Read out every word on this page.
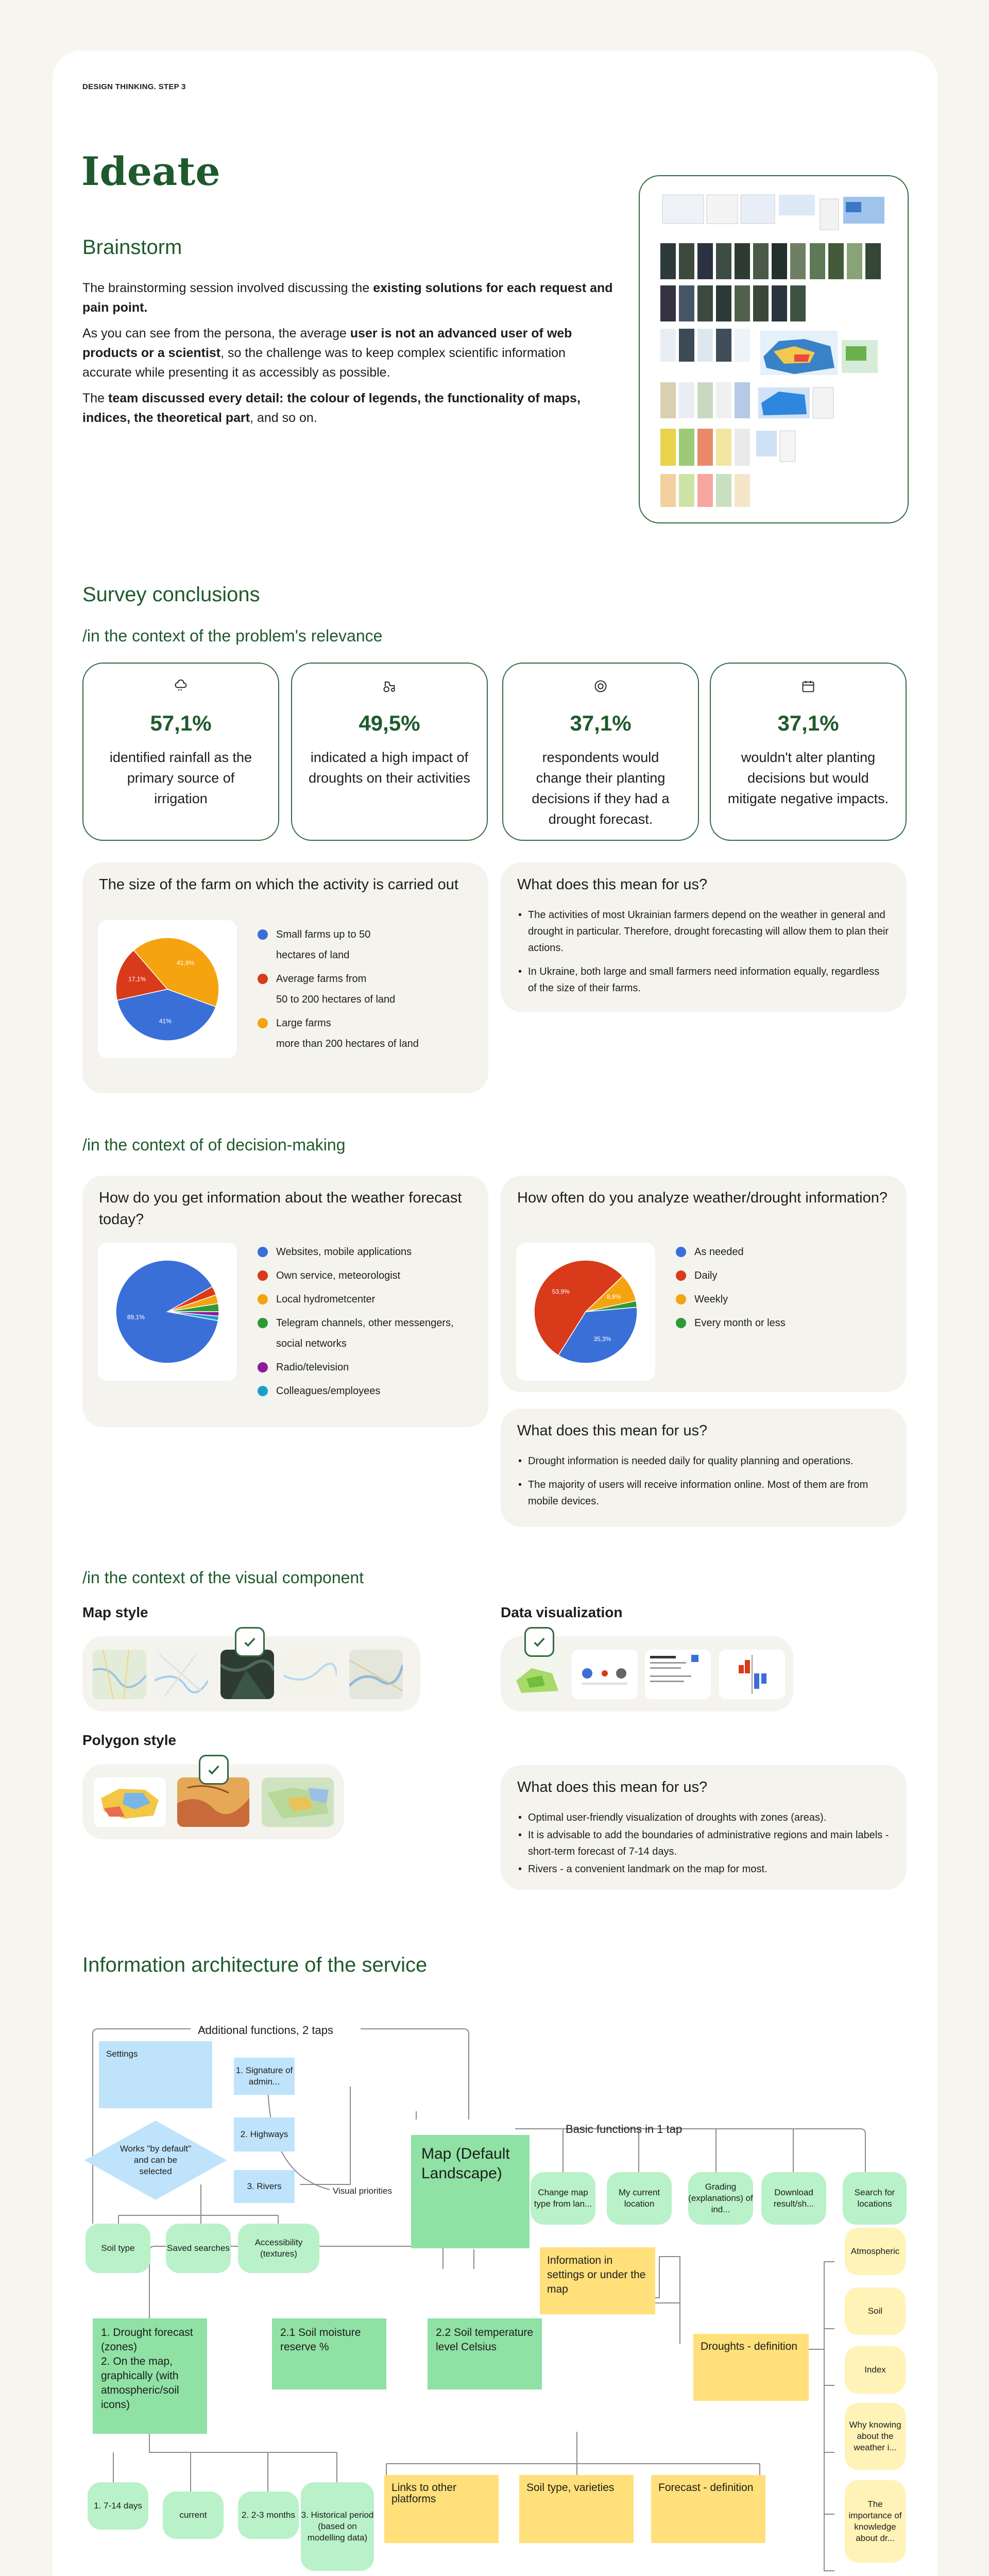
DESIGN THINKING. STEP 3
Ideate
Brainstorm
The brainstorming session involved discussing the existing solutions for each request and pain point.
As you can see from the persona, the average user is not an advanced user of web products or a scientist, so the challenge was to keep complex scientific information accurate while presenting it as accessibly as possible.
The team discussed every detail: the colour of legends, the functionality of maps, indices, the theoretical part, and so on.
Survey conclusions
/in the context of the problem's relevance
57,1%
identified rainfall as the primary source of irrigation
49,5%
indicated a high impact of droughts on their activities
37,1%
respondents would change their planting decisions if they had a drought forecast.
37,1%
wouldn't alter planting decisions but would mitigate negative impacts.
The size of the farm on which the activity is carried out
41%
17,1%
41,9%
Small farms up to 50
hectares of land
Average farms from
50 to 200 hectares of land
Large farms
more than 200 hectares of land
What does this mean for us?
• The activities of most Ukrainian farmers depend on the weather in general and drought in particular. Therefore, drought forecasting will allow them to plan their actions.
• In Ukraine, both large and small farmers need information equally, regardless of the size of their farms.
/in the context of of decision-making
How do you get information about the weather forecast today?
89,1%
Websites, mobile applications
Own service, meteorologist
Local hydrometcenter
Telegram channels, other messengers, social networks
Radio/television
Colleagues/employees
How often do you analyze weather/drought information?
35,3%
53,9%
8,8%
As needed
Daily
Weekly
Every month or less
What does this mean for us?
• Drought information is needed daily for quality planning and operations.
• The majority of users will receive information online. Most of them are from mobile devices.
/in the context of the visual component
Map style	Data visualization
Polygon style
What does this mean for us?
• Optimal user-friendly visualization of droughts with zones (areas).
• It is advisable to add the boundaries of administrative regions and main labels - short-term forecast of 7-14 days.
• Rivers - a convenient landmark on the map for most.
Information architecture of the service
Additional functions, 2 taps
Basic functions in 1 tap
Visual priorities
Settings
Works "by default" and can be selected
1. Signature of admin...
2. Highways
3. Rivers
Soil type	Saved searches
Accessibility (textures)
Map (Default Landscape)
Change map type from lan...
My current location
Grading (explanations) of ind...
Download result/sh...
Search for locations
Information in settings or under the map
1. Drought forecast (zones)
2. On the map, graphically (with atmospheric/soil icons)
2.1 Soil moisture reserve %
2.2 Soil temperature level Celsius	Droughts - definition
1. 7-14 days
current	2. 2-3 months 3. Historical period (based on modelling data)
Links to other platforms
Soil type, varieties	Forecast - definition
Atmospheric
Soil
Index
Why knowing about the weather i...
The importance of knowledge about dr...
